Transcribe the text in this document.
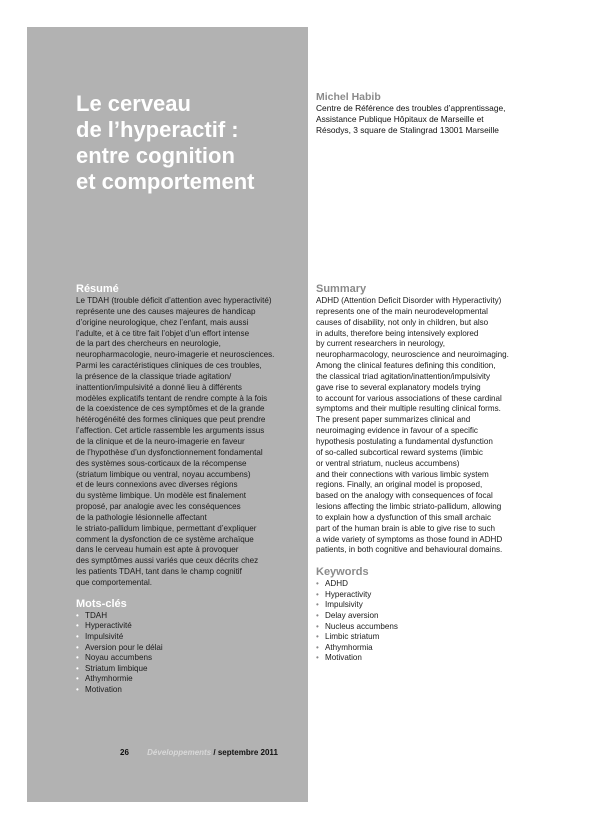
Le cerveau
de l’hyperactif :
entre cognition
et comportement
Michel Habib
Centre de Référence des troubles d’apprentissage,
Assistance Publique Hôpitaux de Marseille et
Résodys, 3 square de Stalingrad 13001 Marseille
Résumé
Le TDAH (trouble déficit d’attention avec hyperactivité)
représente une des causes majeures de handicap
d’origine neurologique, chez l’enfant, mais aussi
l’adulte, et à ce titre fait l’objet d’un effort intense
de la part des chercheurs en neurologie,
neuropharmacologie, neuro-imagerie et neurosciences.
Parmi les caractéristiques cliniques de ces troubles,
la présence de la classique triade agitation/
inattention/impulsivité a donné lieu à différents
modèles explicatifs tentant de rendre compte à la fois
de la coexistence de ces symptômes et de la grande
hétérogénéité des formes cliniques que peut prendre
l’affection. Cet article rassemble les arguments issus
de la clinique et de la neuro-imagerie en faveur
de l’hypothèse d’un dysfonctionnement fondamental
des systèmes sous-corticaux de la récompense
(striatum limbique ou ventral, noyau accumbens)
et de leurs connexions avec diverses régions
du système limbique. Un modèle est finalement
proposé, par analogie avec les conséquences
de la pathologie lésionnelle affectant
le striato-pallidum limbique, permettant d’expliquer
comment la dysfonction de ce système archaïque
dans le cerveau humain est apte à provoquer
des symptômes aussi variés que ceux décrits chez
les patients TDAH, tant dans le champ cognitif
que comportemental.
Mots-clés
• TDAH
• Hyperactivité
• Impulsivité
• Aversion pour le délai
• Noyau accumbens
• Striatum limbique
• Athymhormie
• Motivation
Summary
ADHD (Attention Deficit Disorder with Hyperactivity)
represents one of the main neurodevelopmental
causes of disability, not only in children, but also
in adults, therefore being intensively explored
by current researchers in neurology,
neuropharmacology, neuroscience and neuroimaging.
Among the clinical features defining this condition,
the classical triad agitation/inattention/impulsivity
gave rise to several explanatory models trying
to account for various associations of these cardinal
symptoms and their multiple resulting clinical forms.
The present paper summarizes clinical and
neuroimaging evidence in favour of a specific
hypothesis postulating a fundamental dysfunction
of so-called subcortical reward systems (limbic
or ventral striatum, nucleus accumbens)
and their connections with various limbic system
regions. Finally, an original model is proposed,
based on the analogy with consequences of focal
lesions affecting the limbic striato-pallidum, allowing
to explain how a dysfunction of this small archaic
part of the human brain is able to give rise to such
a wide variety of symptoms as those found in ADHD
patients, in both cognitive and behavioural domains.
Keywords
• ADHD
• Hyperactivity
• Impulsivity
• Delay aversion
• Nucleus accumbens
• Limbic striatum
• Athymhormia
• Motivation
26 Développements / septembre 2011
